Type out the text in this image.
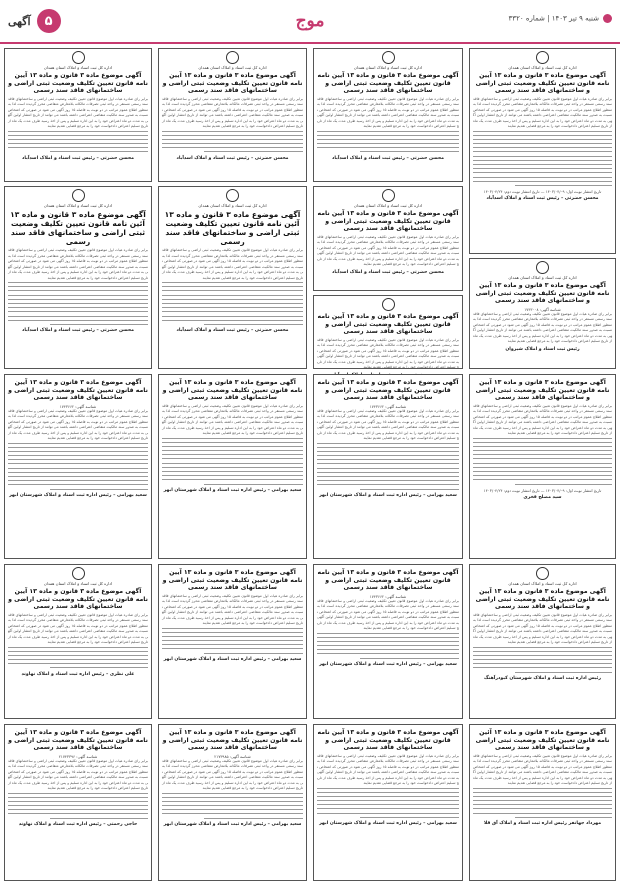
شنبه ۹ تیر ۱۴۰۳ | شماره ۳۳۲۰
موج
۵
آگهی
اداره کل ثبت اسناد و املاک استان همدان
آگهی موضوع ماده ۳ قانون و ماده ۱۳ آیین نامه قانون تعیین تکلیف وضعیت ثبتی اراضی و ساختمانهای فاقد سند رسمی
برابر رای صادره هیات اول موضوع قانون تعیین تکلیف وضعیت ثبتی اراضی و ساختمانهای فاقد سند رسمی مستقر در واحد ثبتی تصرفات مالکانه بلامعارض متقاضی محرز گردیده است لذا به منظور اطلاع عموم مراتب در دو نوبت به فاصله ۱۵ روز آگهی می شود در صورتی که اشخاص نسبت به صدور سند مالکیت متقاضی اعتراضی داشته باشند می توانند از تاریخ انتشار اولین آگهی به مدت دو ماه اعتراض خود را به این اداره تسلیم و پس از اخذ رسید ظرف مدت یک ماه از تاریخ تسلیم اعتراض دادخواست خود را به مرجع قضایی تقدیم نمایند
تاریخ انتشار نوبت اول: ۱۴۰۳/۰۴/۰۹ — تاریخ انتشار نوبت دوم: ۱۴۰۳/۰۴/۲۴
محسن حضرتی – رئیس ثبت اسناد و املاک اسدآباد
اداره کل ثبت اسناد و املاک استان همدان
آگهی موضوع ماده ۳ قانون و ماده ۱۳ آیین نامه قانون تعیین تکلیف وضعیت ثبتی اراضی و ساختمانهای فاقد سند رسمی
برابر رای صادره هیات اول موضوع قانون تعیین تکلیف وضعیت ثبتی اراضی و ساختمانهای فاقد سند رسمی مستقر در واحد ثبتی تصرفات مالکانه بلامعارض متقاضی محرز گردیده است لذا به منظور اطلاع عموم مراتب در دو نوبت به فاصله ۱۵ روز آگهی می شود در صورتی که اشخاص نسبت به صدور سند مالکیت متقاضی اعتراضی داشته باشند می توانند از تاریخ انتشار اولین آگهی به مدت دو ماه اعتراض خود را به این اداره تسلیم و پس از اخذ رسید ظرف مدت یک ماه از تاریخ تسلیم اعتراض دادخواست خود را به مرجع قضایی تقدیم نمایند
محسن حضرتی – رئیس ثبت اسناد و املاک اسدآباد
اداره کل ثبت اسناد و املاک استان همدان
آگهی موضوع ماده ۳ قانون و ماده ۱۳ آیین نامه قانون تعیین تکلیف وضعیت ثبتی اراضی و ساختمانهای فاقد سند رسمی
برابر رای صادره هیات اول موضوع قانون تعیین تکلیف وضعیت ثبتی اراضی و ساختمانهای فاقد سند رسمی مستقر در واحد ثبتی تصرفات مالکانه بلامعارض متقاضی محرز گردیده است لذا به منظور اطلاع عموم مراتب در دو نوبت به فاصله ۱۵ روز آگهی می شود در صورتی که اشخاص نسبت به صدور سند مالکیت متقاضی اعتراضی داشته باشند می توانند از تاریخ انتشار اولین آگهی به مدت دو ماه اعتراض خود را به این اداره تسلیم و پس از اخذ رسید ظرف مدت یک ماه از تاریخ تسلیم اعتراض دادخواست خود را به مرجع قضایی تقدیم نمایند
محسن حضرتی – رئیس ثبت اسناد و املاک اسدآباد
اداره کل ثبت اسناد و املاک استان همدان
آگهی موضوع ماده ۳ قانون و ماده ۱۳ آیین نامه قانون تعیین تکلیف وضعیت ثبتی اراضی و ساختمانهای فاقد سند رسمی
برابر رای صادره هیات اول موضوع قانون تعیین تکلیف وضعیت ثبتی اراضی و ساختمانهای فاقد سند رسمی مستقر در واحد ثبتی تصرفات مالکانه بلامعارض متقاضی محرز گردیده است لذا به منظور اطلاع عموم مراتب در دو نوبت به فاصله ۱۵ روز آگهی می شود در صورتی که اشخاص نسبت به صدور سند مالکیت متقاضی اعتراضی داشته باشند می توانند از تاریخ انتشار اولین آگهی به مدت دو ماه اعتراض خود را به این اداره تسلیم و پس از اخذ رسید ظرف مدت یک ماه از تاریخ تسلیم اعتراض دادخواست خود را به مرجع قضایی تقدیم نمایند
محسن حضرتی – رئیس ثبت اسناد و املاک اسدآباد
اداره کل ثبت اسناد و املاک استان همدان
آگهی موضوع ماده ۳ قانون و ماده ۱۳ آیین نامه قانون تعیین تکلیف وضعیت ثبتی اراضی و ساختمانهای فاقد سند رسمی
برابر رای صادره هیات اول موضوع قانون تعیین تکلیف وضعیت ثبتی اراضی و ساختمانهای فاقد سند رسمی مستقر در واحد ثبتی تصرفات مالکانه بلامعارض متقاضی محرز گردیده است لذا به منظور اطلاع عموم مراتب در دو نوبت به فاصله ۱۵ روز آگهی می شود در صورتی که اشخاص نسبت به صدور سند مالکیت متقاضی اعتراضی داشته باشند می توانند از تاریخ انتشار اولین آگهی به مدت دو ماه اعتراض خود را به این اداره تسلیم و پس از اخذ رسید ظرف مدت یک ماه از تاریخ تسلیم اعتراض دادخواست خود را به مرجع قضایی تقدیم نمایند
محسن حضرتی – رئیس ثبت اسناد و املاک اسدآباد
اداره کل ثبت اسناد و املاک استان همدان
آگهی موضوع ماده ۳ قانون و ماده ۱۳ آئین نامه قانون تعیین تکلیف وضعیت ثبتی اراضی و ساختمانهای فاقد سند رسمی
برابر رای صادره هیات اول موضوع قانون تعیین تکلیف وضعیت ثبتی اراضی و ساختمانهای فاقد سند رسمی مستقر در واحد ثبتی تصرفات مالکانه بلامعارض متقاضی محرز گردیده است لذا به منظور اطلاع عموم مراتب در دو نوبت به فاصله ۱۵ روز آگهی می شود در صورتی که اشخاص نسبت به صدور سند مالکیت متقاضی اعتراضی داشته باشند می توانند از تاریخ انتشار اولین آگهی به مدت دو ماه اعتراض خود را به این اداره تسلیم و پس از اخذ رسید ظرف مدت یک ماه از تاریخ تسلیم اعتراض دادخواست خود را به مرجع قضایی تقدیم نمایند
محسن حضرتی – رئیس ثبت اسناد و املاک اسدآباد
اداره کل ثبت اسناد و املاک استان همدان
آگهی موضوع ماده ۳ قانون و ماده ۱۳ آئین نامه قانون تعیین تکلیف وضعیت ثبتی اراضی و ساختمانهای فاقد سند رسمی
برابر رای صادره هیات اول موضوع قانون تعیین تکلیف وضعیت ثبتی اراضی و ساختمانهای فاقد سند رسمی مستقر در واحد ثبتی تصرفات مالکانه بلامعارض متقاضی محرز گردیده است لذا به منظور اطلاع عموم مراتب در دو نوبت به فاصله ۱۵ روز آگهی می شود در صورتی که اشخاص نسبت به صدور سند مالکیت متقاضی اعتراضی داشته باشند می توانند از تاریخ انتشار اولین آگهی به مدت دو ماه اعتراض خود را به این اداره تسلیم و پس از اخذ رسید ظرف مدت یک ماه از تاریخ تسلیم اعتراض دادخواست خود را به مرجع قضایی تقدیم نمایند
محسن حضرتی – رئیس ثبت اسناد و املاک اسدآباد
اداره کل ثبت اسناد و املاک استان همدان
آگهی موضوع ماده ۳ قانون و ماده ۱۳ آیین نامه قانون تعیین تکلیف وضعیت ثبتی اراضی و ساختمانهای فاقد سند رسمی
شناسه آگهی: ۱۷۴۳۰۰۸
برابر رای صادره هیات اول موضوع قانون تعیین تکلیف وضعیت ثبتی اراضی و ساختمانهای فاقد سند رسمی مستقر در واحد ثبتی تصرفات مالکانه بلامعارض متقاضی محرز گردیده است لذا به منظور اطلاع عموم مراتب در دو نوبت به فاصله ۱۵ روز آگهی می شود در صورتی که اشخاص نسبت به صدور سند مالکیت متقاضی اعتراضی داشته باشند می توانند از تاریخ انتشار اولین آگهی به مدت دو ماه اعتراض خود را به این اداره تسلیم و پس از اخذ رسید ظرف مدت یک ماه از تاریخ تسلیم اعتراض دادخواست خود را به مرجع قضایی تقدیم نمایند
رئیس ثبت اسناد و املاک شیروان
آگهی موضوع ماده ۳ قانون و ماده ۱۳ آیین نامه قانون تعیین تکلیف وضعیت ثبتی اراضی و ساختمانهای فاقد سند رسمی
برابر رای صادره هیات اول موضوع قانون تعیین تکلیف وضعیت ثبتی اراضی و ساختمانهای فاقد سند رسمی مستقر در واحد ثبتی تصرفات مالکانه بلامعارض متقاضی محرز گردیده است لذا به منظور اطلاع عموم مراتب در دو نوبت به فاصله ۱۵ روز آگهی می شود در صورتی که اشخاص نسبت به صدور سند مالکیت متقاضی اعتراضی داشته باشند می توانند از تاریخ انتشار اولین آگهی به مدت دو ماه اعتراض خود را به این اداره تسلیم و پس از اخذ رسید ظرف مدت یک ماه از تاریخ تسلیم اعتراض دادخواست خود را به مرجع قضایی تقدیم نمایند
آگهی موضوع ماده ۳ قانون و ماده ۱۳ آیین نامه قانون تعیین تکلیف وضعیت ثبتی اراضی و ساختمانهای فاقد سند رسمی
برابر رای صادره هیات اول موضوع قانون تعیین تکلیف وضعیت ثبتی اراضی و ساختمانهای فاقد سند رسمی مستقر در واحد ثبتی تصرفات مالکانه بلامعارض متقاضی محرز گردیده است لذا به منظور اطلاع عموم مراتب در دو نوبت به فاصله ۱۵ روز آگهی می شود در صورتی که اشخاص نسبت به صدور سند مالکیت متقاضی اعتراضی داشته باشند می توانند از تاریخ انتشار اولین آگهی به مدت دو ماه اعتراض خود را به این اداره تسلیم و پس از اخذ رسید ظرف مدت یک ماه از تاریخ تسلیم اعتراض دادخواست خود را به مرجع قضایی تقدیم نمایند
تاریخ انتشار نوبت اول: ۱۴۰۳/۰۴/۰۹ — تاریخ انتشار نوبت دوم: ۱۴۰۳/۰۴/۲۴
سید مصلح فخری
آگهی موضوع ماده ۳ قانون و ماده ۱۳ آیین نامه قانون تعیین تکلیف وضعیت ثبتی اراضی و ساختمانهای فاقد سند رسمی
شناسه آگهی: ۱۷۴۳۶۶۲
برابر رای صادره هیات اول موضوع قانون تعیین تکلیف وضعیت ثبتی اراضی و ساختمانهای فاقد سند رسمی مستقر در واحد ثبتی تصرفات مالکانه بلامعارض متقاضی محرز گردیده است لذا به منظور اطلاع عموم مراتب در دو نوبت به فاصله ۱۵ روز آگهی می شود در صورتی که اشخاص نسبت به صدور سند مالکیت متقاضی اعتراضی داشته باشند می توانند از تاریخ انتشار اولین آگهی به مدت دو ماه اعتراض خود را به این اداره تسلیم و پس از اخذ رسید ظرف مدت یک ماه از تاریخ تسلیم اعتراض دادخواست خود را به مرجع قضایی تقدیم نمایند
سعید بهرامی – رئیس اداره ثبت اسناد و املاک شهرستان ابهر
آگهی موضوع ماده ۳ قانون و ماده ۱۳ آیین نامه قانون تعیین تکلیف وضعیت ثبتی اراضی و ساختمانهای فاقد سند رسمی
برابر رای صادره هیات اول موضوع قانون تعیین تکلیف وضعیت ثبتی اراضی و ساختمانهای فاقد سند رسمی مستقر در واحد ثبتی تصرفات مالکانه بلامعارض متقاضی محرز گردیده است لذا به منظور اطلاع عموم مراتب در دو نوبت به فاصله ۱۵ روز آگهی می شود در صورتی که اشخاص نسبت به صدور سند مالکیت متقاضی اعتراضی داشته باشند می توانند از تاریخ انتشار اولین آگهی به مدت دو ماه اعتراض خود را به این اداره تسلیم و پس از اخذ رسید ظرف مدت یک ماه از تاریخ تسلیم اعتراض دادخواست خود را به مرجع قضایی تقدیم نمایند
سعید بهرامی – رئیس اداره ثبت اسناد و املاک شهرستان ابهر
آگهی موضوع ماده ۳ قانون و ماده ۱۳ آیین نامه قانون تعیین تکلیف وضعیت ثبتی اراضی و ساختمانهای فاقد سند رسمی
شناسه آگهی: ۱۷۴۳۶۶۲
برابر رای صادره هیات اول موضوع قانون تعیین تکلیف وضعیت ثبتی اراضی و ساختمانهای فاقد سند رسمی مستقر در واحد ثبتی تصرفات مالکانه بلامعارض متقاضی محرز گردیده است لذا به منظور اطلاع عموم مراتب در دو نوبت به فاصله ۱۵ روز آگهی می شود در صورتی که اشخاص نسبت به صدور سند مالکیت متقاضی اعتراضی داشته باشند می توانند از تاریخ انتشار اولین آگهی به مدت دو ماه اعتراض خود را به این اداره تسلیم و پس از اخذ رسید ظرف مدت یک ماه از تاریخ تسلیم اعتراض دادخواست خود را به مرجع قضایی تقدیم نمایند
سعید بهرامی – رئیس اداره ثبت اسناد و املاک شهرستان ابهر
اداره کل ثبت اسناد و املاک استان همدان
آگهی موضوع ماده ۳ قانون و ماده ۱۳ آیین نامه قانون تعیین تکلیف وضعیت ثبتی اراضی و ساختمانهای فاقد سند رسمی
برابر رای صادره هیات اول موضوع قانون تعیین تکلیف وضعیت ثبتی اراضی و ساختمانهای فاقد سند رسمی مستقر در واحد ثبتی تصرفات مالکانه بلامعارض متقاضی محرز گردیده است لذا به منظور اطلاع عموم مراتب در دو نوبت به فاصله ۱۵ روز آگهی می شود در صورتی که اشخاص نسبت به صدور سند مالکیت متقاضی اعتراضی داشته باشند می توانند از تاریخ انتشار اولین آگهی به مدت دو ماه اعتراض خود را به این اداره تسلیم و پس از اخذ رسید ظرف مدت یک ماه از تاریخ تسلیم اعتراض دادخواست خود را به مرجع قضایی تقدیم نمایند
رئیس اداره ثبت اسناد و املاک شهرستان کبودرآهنگ
آگهی موضوع ماده ۳ قانون و ماده ۱۳ آیین نامه قانون تعیین تکلیف وضعیت ثبتی اراضی و ساختمانهای فاقد سند رسمی
شناسه آگهی: ۱۷۴۳۶۶۲
برابر رای صادره هیات اول موضوع قانون تعیین تکلیف وضعیت ثبتی اراضی و ساختمانهای فاقد سند رسمی مستقر در واحد ثبتی تصرفات مالکانه بلامعارض متقاضی محرز گردیده است لذا به منظور اطلاع عموم مراتب در دو نوبت به فاصله ۱۵ روز آگهی می شود در صورتی که اشخاص نسبت به صدور سند مالکیت متقاضی اعتراضی داشته باشند می توانند از تاریخ انتشار اولین آگهی به مدت دو ماه اعتراض خود را به این اداره تسلیم و پس از اخذ رسید ظرف مدت یک ماه از تاریخ تسلیم اعتراض دادخواست خود را به مرجع قضایی تقدیم نمایند
سعید بهرامی – رئیس اداره ثبت اسناد و املاک شهرستان ابهر
آگهی موضوع ماده ۳ قانون و ماده ۱۳ آیین نامه قانون تعیین تکلیف وضعیت ثبتی اراضی و ساختمانهای فاقد سند رسمی
برابر رای صادره هیات اول موضوع قانون تعیین تکلیف وضعیت ثبتی اراضی و ساختمانهای فاقد سند رسمی مستقر در واحد ثبتی تصرفات مالکانه بلامعارض متقاضی محرز گردیده است لذا به منظور اطلاع عموم مراتب در دو نوبت به فاصله ۱۵ روز آگهی می شود در صورتی که اشخاص نسبت به صدور سند مالکیت متقاضی اعتراضی داشته باشند می توانند از تاریخ انتشار اولین آگهی به مدت دو ماه اعتراض خود را به این اداره تسلیم و پس از اخذ رسید ظرف مدت یک ماه از تاریخ تسلیم اعتراض دادخواست خود را به مرجع قضایی تقدیم نمایند
سعید بهرامی – رئیس اداره ثبت اسناد و املاک شهرستان ابهر
اداره کل ثبت اسناد و املاک استان همدان
آگهی موضوع ماده ۳ قانون و ماده ۱۳ آیین نامه قانون تعیین تکلیف وضعیت ثبتی اراضی و ساختمانهای فاقد سند رسمی
برابر رای صادره هیات اول موضوع قانون تعیین تکلیف وضعیت ثبتی اراضی و ساختمانهای فاقد سند رسمی مستقر در واحد ثبتی تصرفات مالکانه بلامعارض متقاضی محرز گردیده است لذا به منظور اطلاع عموم مراتب در دو نوبت به فاصله ۱۵ روز آگهی می شود در صورتی که اشخاص نسبت به صدور سند مالکیت متقاضی اعتراضی داشته باشند می توانند از تاریخ انتشار اولین آگهی به مدت دو ماه اعتراض خود را به این اداره تسلیم و پس از اخذ رسید ظرف مدت یک ماه از تاریخ تسلیم اعتراض دادخواست خود را به مرجع قضایی تقدیم نمایند
علی نظری – رئیس اداره ثبت اسناد و املاک نهاوند
آگهی موضوع ماده ۳ قانون و ماده ۱۳ آئین نامه قانون تعیین تکلیف وضعیت ثبتی اراضی و ساختمانهای فاقد سند رسمی
برابر رای صادره هیات اول موضوع قانون تعیین تکلیف وضعیت ثبتی اراضی و ساختمانهای فاقد سند رسمی مستقر در واحد ثبتی تصرفات مالکانه بلامعارض متقاضی محرز گردیده است لذا به منظور اطلاع عموم مراتب در دو نوبت به فاصله ۱۵ روز آگهی می شود در صورتی که اشخاص نسبت به صدور سند مالکیت متقاضی اعتراضی داشته باشند می توانند از تاریخ انتشار اولین آگهی به مدت دو ماه اعتراض خود را به این اداره تسلیم و پس از اخذ رسید ظرف مدت یک ماه از تاریخ تسلیم اعتراض دادخواست خود را به مرجع قضایی تقدیم نمایند
مهرداد جهانفر رئیس اداره ثبت اسناد و املاک آق قلا
آگهی موضوع ماده ۳ قانون و ماده ۱۳ آیین نامه قانون تعیین تکلیف وضعیت ثبتی اراضی و ساختمانهای فاقد سند رسمی
برابر رای صادره هیات اول موضوع قانون تعیین تکلیف وضعیت ثبتی اراضی و ساختمانهای فاقد سند رسمی مستقر در واحد ثبتی تصرفات مالکانه بلامعارض متقاضی محرز گردیده است لذا به منظور اطلاع عموم مراتب در دو نوبت به فاصله ۱۵ روز آگهی می شود در صورتی که اشخاص نسبت به صدور سند مالکیت متقاضی اعتراضی داشته باشند می توانند از تاریخ انتشار اولین آگهی به مدت دو ماه اعتراض خود را به این اداره تسلیم و پس از اخذ رسید ظرف مدت یک ماه از تاریخ تسلیم اعتراض دادخواست خود را به مرجع قضایی تقدیم نمایند
سعید بهرامی – رئیس اداره ثبت اسناد و املاک شهرستان ابهر
آگهی موضوع ماده ۳ قانون و ماده ۱۳ آیین نامه قانون تعیین تکلیف وضعیت ثبتی اراضی و ساختمانهای فاقد سند رسمی
شناسه آگهی: ۲۱۷۳۹۸۵
برابر رای صادره هیات اول موضوع قانون تعیین تکلیف وضعیت ثبتی اراضی و ساختمانهای فاقد سند رسمی مستقر در واحد ثبتی تصرفات مالکانه بلامعارض متقاضی محرز گردیده است لذا به منظور اطلاع عموم مراتب در دو نوبت به فاصله ۱۵ روز آگهی می شود در صورتی که اشخاص نسبت به صدور سند مالکیت متقاضی اعتراضی داشته باشند می توانند از تاریخ انتشار اولین آگهی به مدت دو ماه اعتراض خود را به این اداره تسلیم و پس از اخذ رسید ظرف مدت یک ماه از تاریخ تسلیم اعتراض دادخواست خود را به مرجع قضایی تقدیم نمایند
سعید بهرامی – رئیس اداره ثبت اسناد و املاک شهرستان ابهر
آگهی موضوع ماده ۳ قانون و ماده ۱۳ آیین نامه قانون تعیین تکلیف وضعیت ثبتی اراضی و ساختمانهای فاقد سند رسمی
شناسه آگهی: ۲۱۷۴۳۳۹۶
برابر رای صادره هیات اول موضوع قانون تعیین تکلیف وضعیت ثبتی اراضی و ساختمانهای فاقد سند رسمی مستقر در واحد ثبتی تصرفات مالکانه بلامعارض متقاضی محرز گردیده است لذا به منظور اطلاع عموم مراتب در دو نوبت به فاصله ۱۵ روز آگهی می شود در صورتی که اشخاص نسبت به صدور سند مالکیت متقاضی اعتراضی داشته باشند می توانند از تاریخ انتشار اولین آگهی به مدت دو ماه اعتراض خود را به این اداره تسلیم و پس از اخذ رسید ظرف مدت یک ماه از تاریخ تسلیم اعتراض دادخواست خود را به مرجع قضایی تقدیم نمایند
حاجی رحمتی – رئیس اداره ثبت اسناد و املاک نهاوند
